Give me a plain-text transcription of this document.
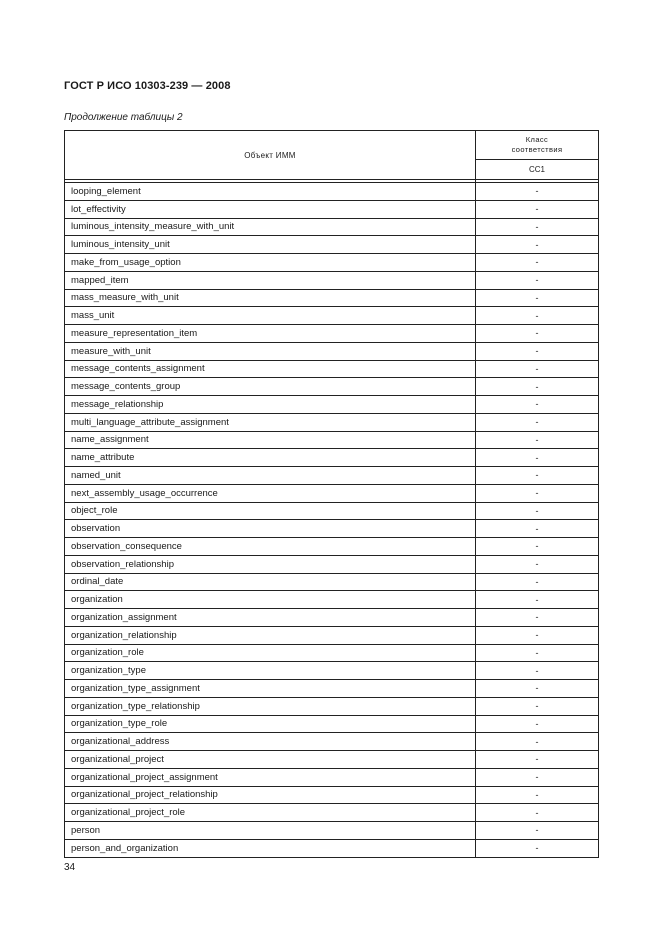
ГОСТ Р ИСО 10303-239 — 2008
Продолжение таблицы 2
Объект ИММ	Класс
соответствия

	СС1

looping_element	-
lot_effectivity	-
luminous_intensity_measure_with_unit	-
luminous_intensity_unit	-
make_from_usage_option	-
mapped_item	-
mass_measure_with_unit	-
mass_unit	-
measure_representation_item	-
measure_with_unit	-
message_contents_assignment	-
message_contents_group	-
message_relationship	-
multi_language_attribute_assignment	-
name_assignment	-
name_attribute	-
named_unit	-
next_assembly_usage_occurrence	-
object_role	-
observation	-
observation_consequence	-
observation_relationship	-
ordinal_date	-
organization	-
organization_assignment	-
organization_relationship	-
organization_role	-
organization_type	-
organization_type_assignment	-
organization_type_relationship	-
organization_type_role	-
organizational_address	-
organizational_project	-
organizational_project_assignment	-
organizational_project_relationship	-
organizational_project_role	-
person	-
person_and_organization	-
34
